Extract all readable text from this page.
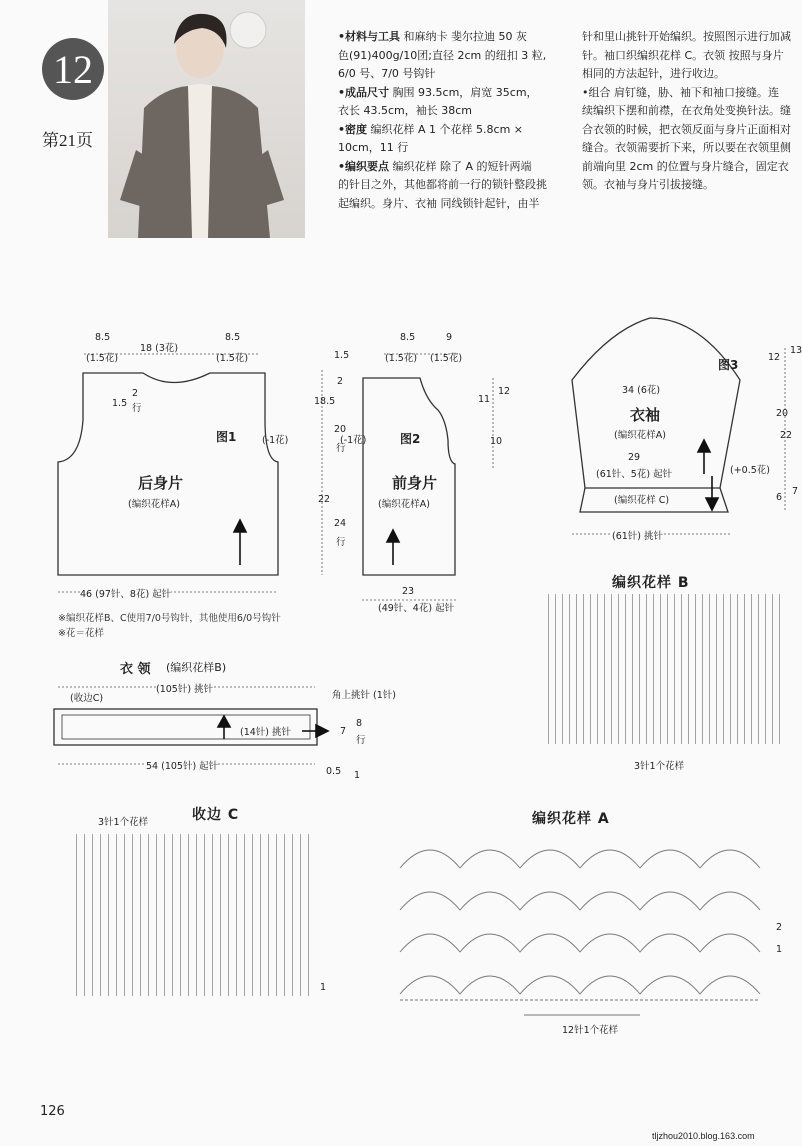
12
第21页
•材料与工具 和麻纳卡 斐尔拉迪 50 灰
色(91)400g/10团;直径 2cm 的纽扣 3 粒,
6/0 号、7/0 号钩针
•成品尺寸 胸围 93.5cm，肩宽 35cm，
衣长 43.5cm，袖长 38cm
•密度 编织花样 A 1 个花样 5.8cm ×
10cm，11 行
•编织要点 编织花样 除了 A 的短针两端
的针目之外，其他都将前一行的锁针整段挑
起编织。身片、衣袖 同线锁针起针，由半
针和里山挑针开始编织。按照图示进行加减
针。袖口织编织花样 C。衣领 按照与身片
相同的方法起针，进行收边。
•组合 肩钉缝，胁、袖下和袖口接缝。连
续编织下摆和前襟，在衣角处变换针法。缝
合衣领的时候，把衣领反面与身片正面相对
缝合。衣领需要折下来，所以要在衣领里侧
前端向里 2cm 的位置与身片缝合，固定衣
领。衣袖与身片引拔接缝。
8.5
18 (3花)
8.5
(1.5花)	(1.5花)
1.5
2
行
图1	(-1花)
后身片
(编织花样A)
46 (97针、8花) 起针
1.5
18.5
22
2
20
24
行
行
8.5	9
(1.5花) (1.5花)
(-1花)	图2
前身片
(编织花样A)
11
12
10
23
(49针、4花) 起针
※编织花样B、C使用7/0号钩针，其他使用6/0号钩针
※花＝花样
图3
12
13
34 (6花)
衣袖
(编织花样A)
20
22
29
(61针、5花) 起针	(+0.5花)
(编织花样 C)	6
7
(61针) 挑针
衣 领 (编织花样B)
(收边C)
(105针) 挑针
角上挑针 (1针)
(14针) 挑针	7
8
行
0.5 1
54 (105针) 起针
编织花样 B
3针1个花样
收边 C
3针1个花样
1
编织花样 A
2
1
12针1个花样
126
tljzhou2010.blog.163.com
